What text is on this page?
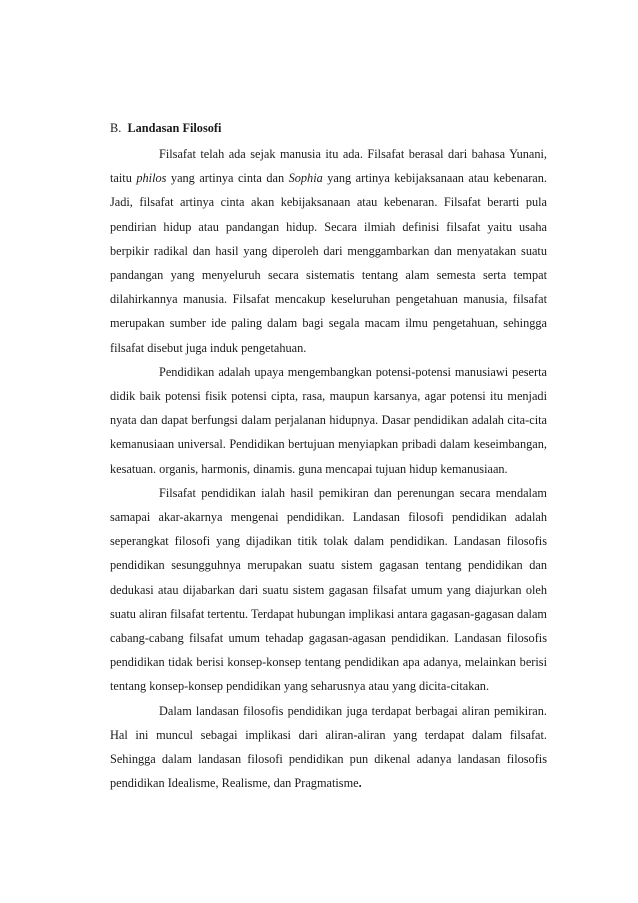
B. Landasan Filosofi

Filsafat telah ada sejak manusia itu ada. Filsafat berasal dari bahasa Yunani, taitu philos yang artinya cinta dan Sophia yang artinya kebijaksanaan atau kebenaran. Jadi, filsafat artinya cinta akan kebijaksanaan atau kebenaran. Filsafat berarti pula pendirian hidup atau pandangan hidup. Secara ilmiah definisi filsafat yaitu usaha berpikir radikal dan hasil yang diperoleh dari menggambarkan dan menyatakan suatu pandangan yang menyeluruh secara sistematis tentang alam semesta serta tempat dilahirkannya manusia. Filsafat mencakup keseluruhan pengetahuan manusia, filsafat merupakan sumber ide paling dalam bagi segala macam ilmu pengetahuan, sehingga filsafat disebut juga induk pengetahuan.

Pendidikan adalah upaya mengembangkan potensi-potensi manusiawi peserta didik baik potensi fisik potensi cipta, rasa, maupun karsanya, agar potensi itu menjadi nyata dan dapat berfungsi dalam perjalanan hidupnya. Dasar pendidikan adalah cita-cita kemanusiaan universal. Pendidikan bertujuan menyiapkan pribadi dalam keseimbangan, kesatuan. organis, harmonis, dinamis. guna mencapai tujuan hidup kemanusiaan.

Filsafat pendidikan ialah hasil pemikiran dan perenungan secara mendalam samapai akar-akarnya mengenai pendidikan. Landasan filosofi pendidikan adalah seperangkat filosofi yang dijadikan titik tolak dalam pendidikan. Landasan filosofis pendidikan sesungguhnya merupakan suatu sistem gagasan tentang pendidikan dan dedukasi atau dijabarkan dari suatu sistem gagasan filsafat umum yang diajurkan oleh suatu aliran filsafat tertentu. Terdapat hubungan implikasi antara gagasan-gagasan dalam cabang-cabang filsafat umum tehadap gagasan-agasan pendidikan. Landasan filosofis pendidikan tidak berisi konsep-konsep tentang pendidikan apa adanya, melainkan berisi tentang konsep-konsep pendidikan yang seharusnya atau yang dicita-citakan.

Dalam landasan filosofis pendidikan juga terdapat berbagai aliran pemikiran. Hal ini muncul sebagai implikasi dari aliran-aliran yang terdapat dalam filsafat. Sehingga dalam landasan filosofi pendidikan pun dikenal adanya landasan filosofis pendidikan Idealisme, Realisme, dan Pragmatisme.
